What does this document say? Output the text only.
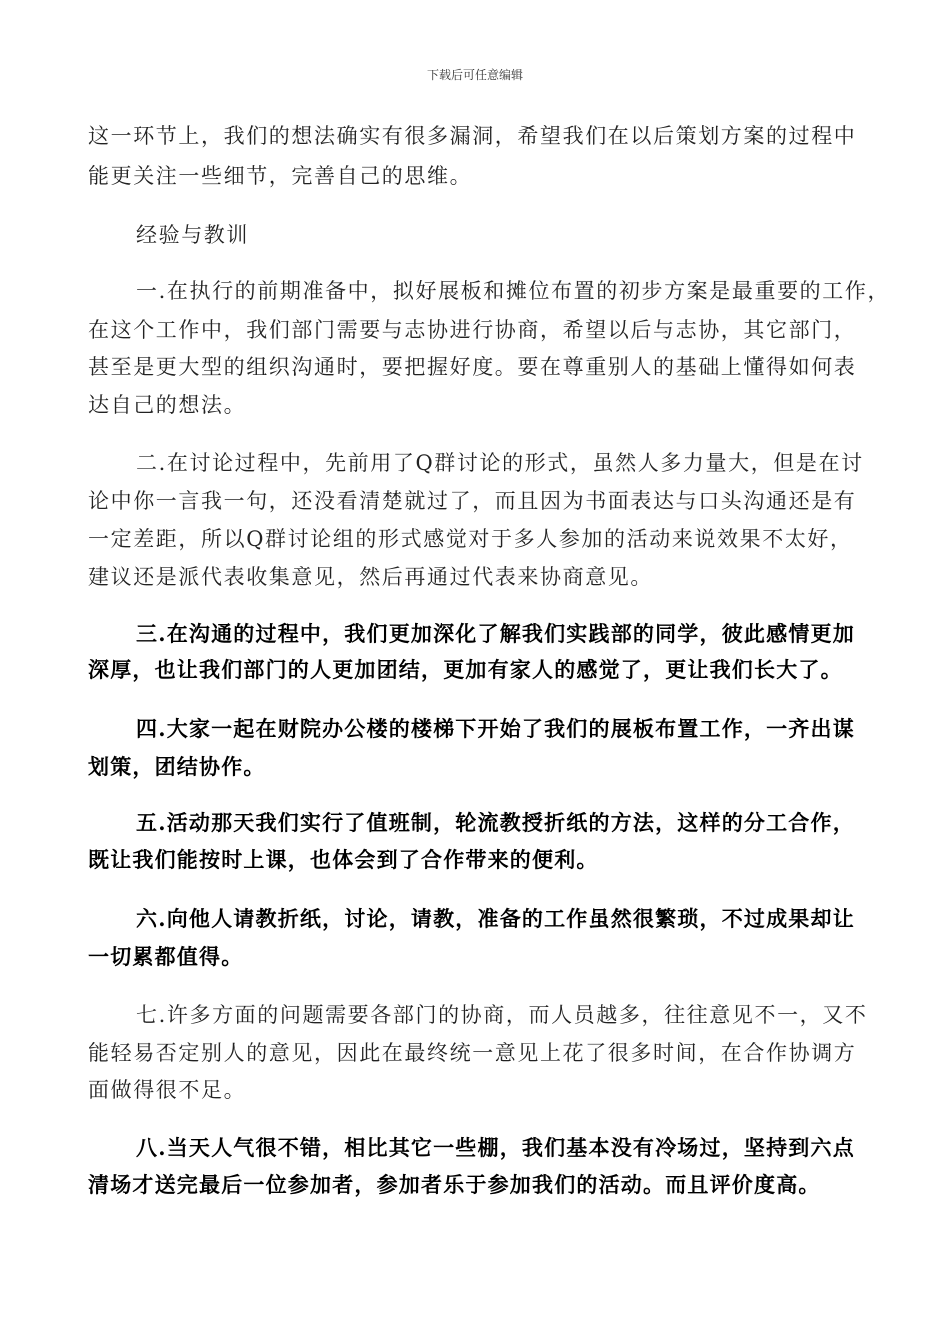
下载后可任意编辑
这一环节上，我们的想法确实有很多漏洞，希望我们在以后策划方案的过程中
能更关注一些细节，完善自己的思维。
经验与教训
一.在执行的前期准备中，拟好展板和摊位布置的初步方案是最重要的工作，
在这个工作中，我们部门需要与志协进行协商，希望以后与志协，其它部门，
甚至是更大型的组织沟通时，要把握好度。要在尊重别人的基础上懂得如何表
达自己的想法。
二.在讨论过程中，先前用了Q群讨论的形式，虽然人多力量大，但是在讨
论中你一言我一句，还没看清楚就过了，而且因为书面表达与口头沟通还是有
一定差距，所以Q群讨论组的形式感觉对于多人参加的活动来说效果不太好，
建议还是派代表收集意见，然后再通过代表来协商意见。
三.在沟通的过程中，我们更加深化了解我们实践部的同学，彼此感情更加
深厚，也让我们部门的人更加团结，更加有家人的感觉了，更让我们长大了。
四.大家一起在财院办公楼的楼梯下开始了我们的展板布置工作，一齐出谋
划策，团结协作。
五.活动那天我们实行了值班制，轮流教授折纸的方法，这样的分工合作，
既让我们能按时上课，也体会到了合作带来的便利。
六.向他人请教折纸，讨论，请教，准备的工作虽然很繁琐，不过成果却让
一切累都值得。
七.许多方面的问题需要各部门的协商，而人员越多，往往意见不一，又不
能轻易否定别人的意见，因此在最终统一意见上花了很多时间，在合作协调方
面做得很不足。
八.当天人气很不错，相比其它一些棚，我们基本没有冷场过，坚持到六点
清场才送完最后一位参加者，参加者乐于参加我们的活动。而且评价度高。
